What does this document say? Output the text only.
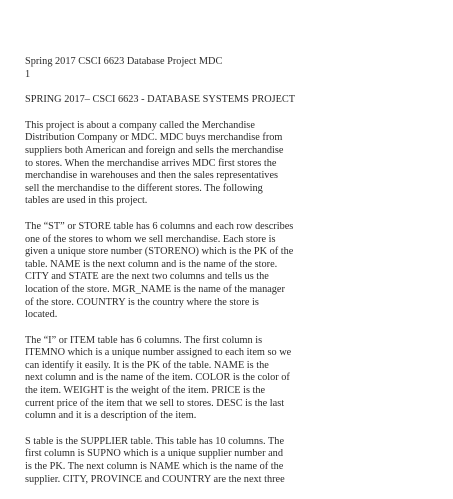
Spring 2017 CSCI 6623 Database Project MDC

1

SPRING 2017– CSCI 6623 - DATABASE SYSTEMS PROJECT

This project is about a company called the Merchandise
Distribution Company or MDC. MDC buys merchandise from
suppliers both American and foreign and sells the merchandise
to stores. When the merchandise arrives MDC first stores the
merchandise in warehouses and then the sales representatives
sell the merchandise to the different stores. The following
tables are used in this project.

The “ST” or STORE table has 6 columns and each row describes
one of the stores to whom we sell merchandise. Each store is
given a unique store number (STORENO) which is the PK of the
table. NAME is the next column and is the name of the store.
CITY and STATE are the next two columns and tells us the
location of the store. MGR_NAME is the name of the manager
of the store. COUNTRY is the country where the store is
located.

The “I” or ITEM table has 6 columns. The first column is
ITEMNO which is a unique number assigned to each item so we
can identify it easily. It is the PK of the table. NAME is the
next column and is the name of the item. COLOR is the color of
the item. WEIGHT is the weight of the item. PRICE is the
current price of the item that we sell to stores. DESC is the last
column and it is a description of the item.

S table is the SUPPLIER table. This table has 10 columns. The
first column is SUPNO which is a unique supplier number and
is the PK. The next column is NAME which is the name of the
supplier. CITY, PROVINCE and COUNTRY are the next three
